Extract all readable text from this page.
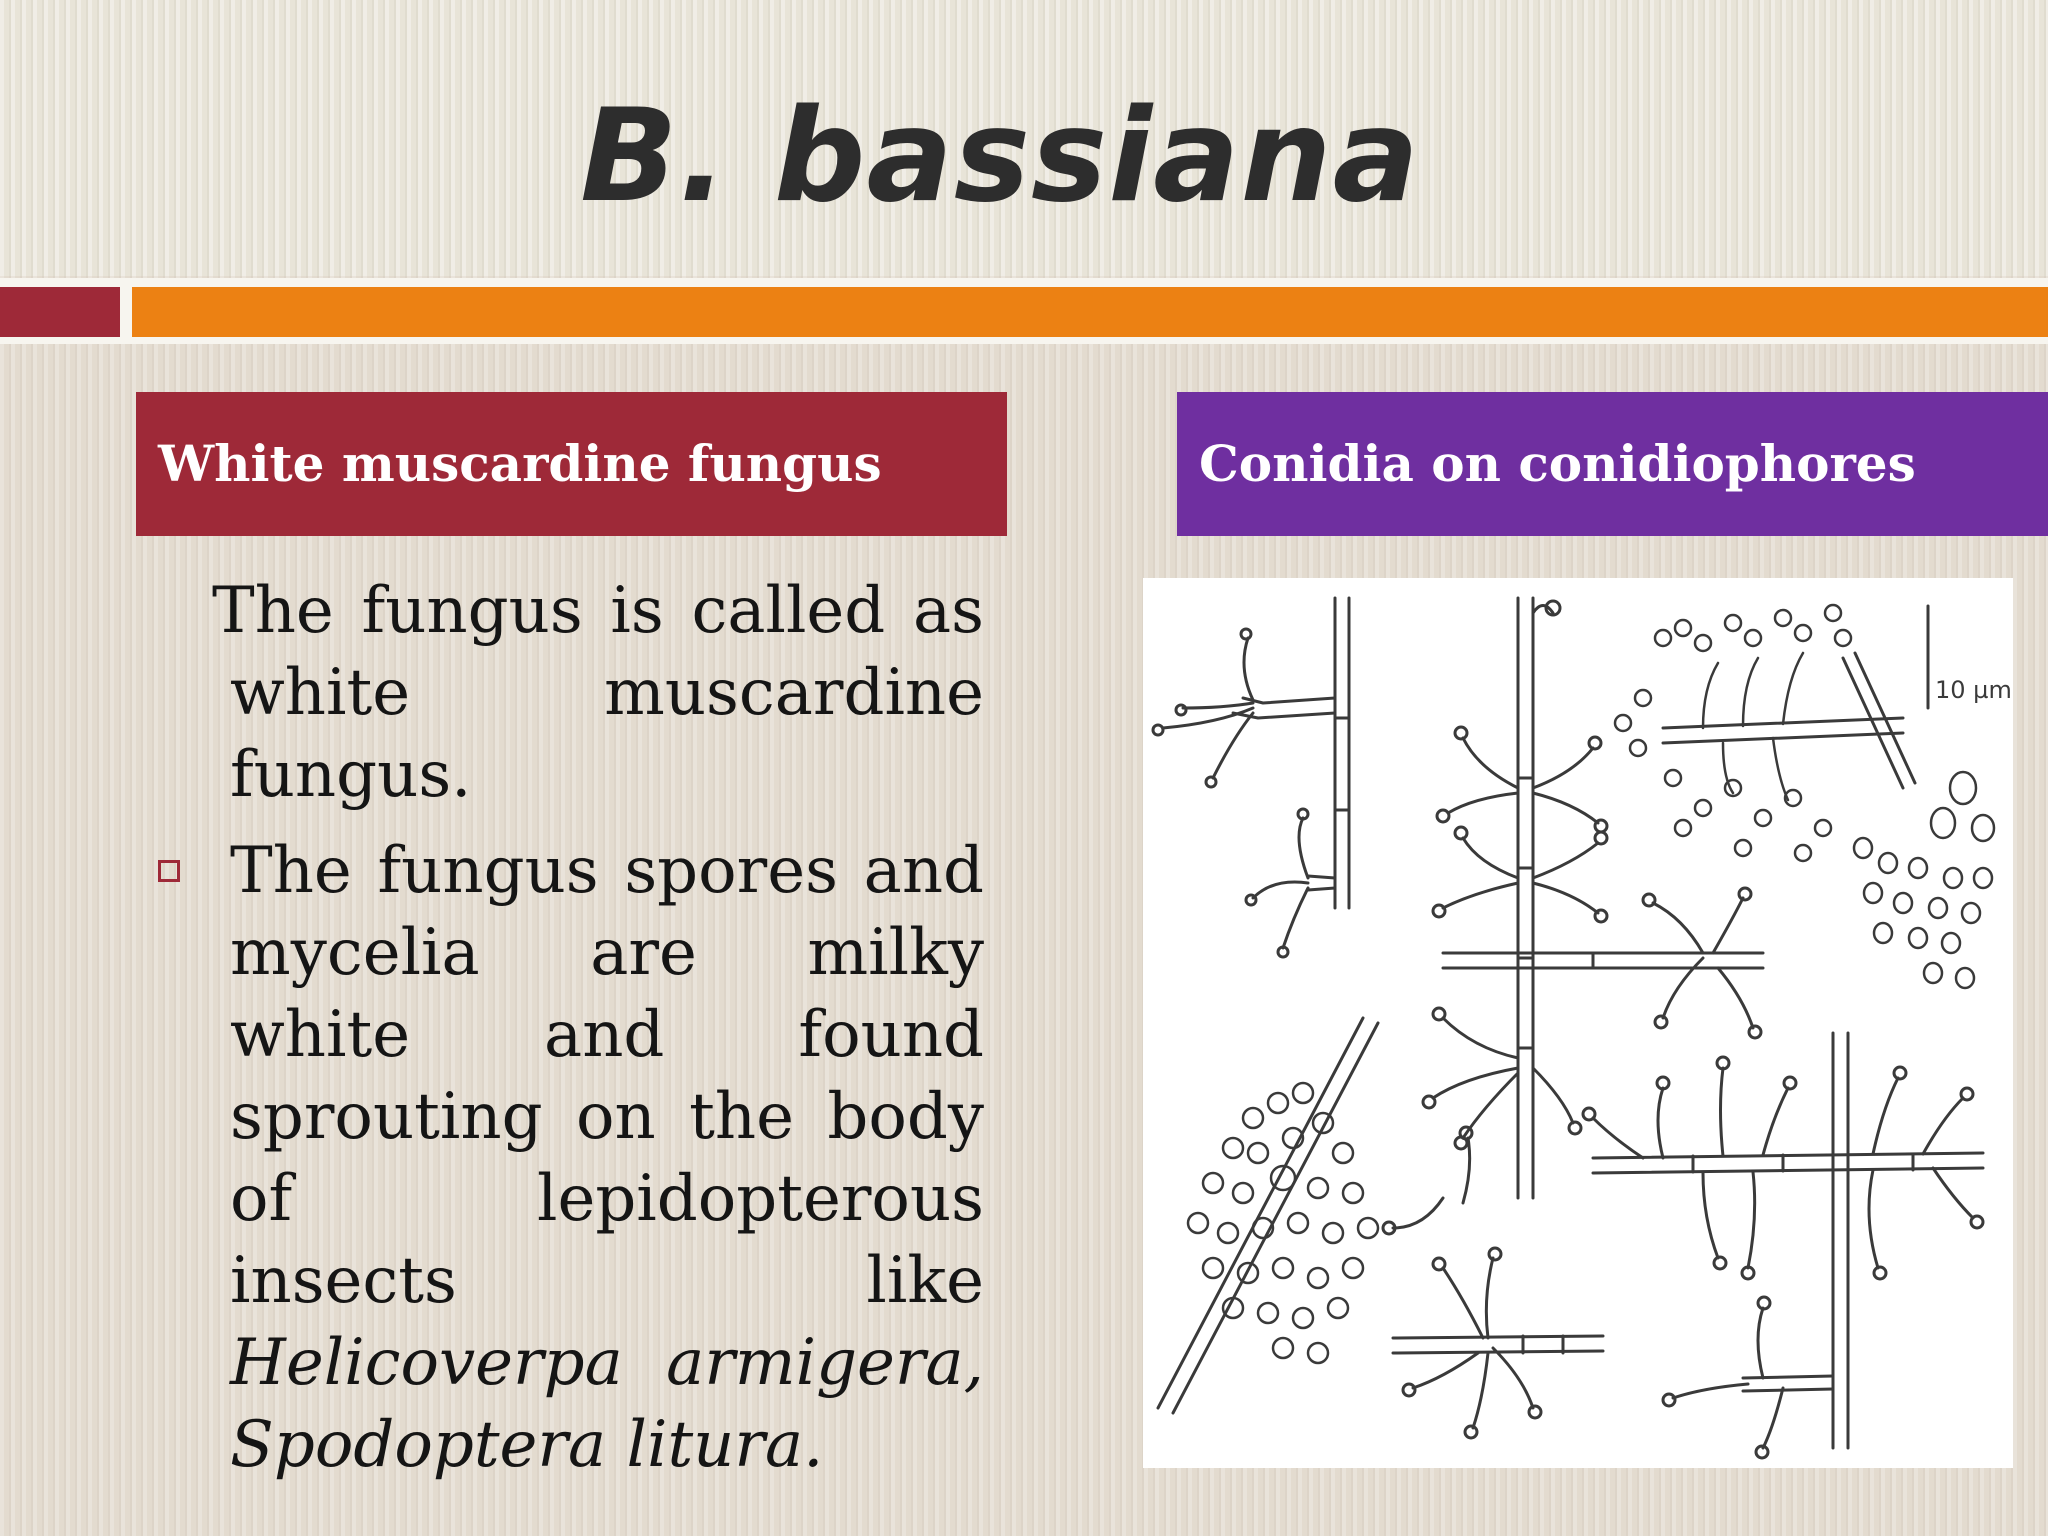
B. bassiana
White muscardine fungus	Conidia on conidiophores

The fungus is called as white muscardine fungus.

The fungus spores and mycelia are milky white and found sprouting on the body of lepidopterous insects like Helicoverpa armigera, Spodoptera litura.
10 µm
